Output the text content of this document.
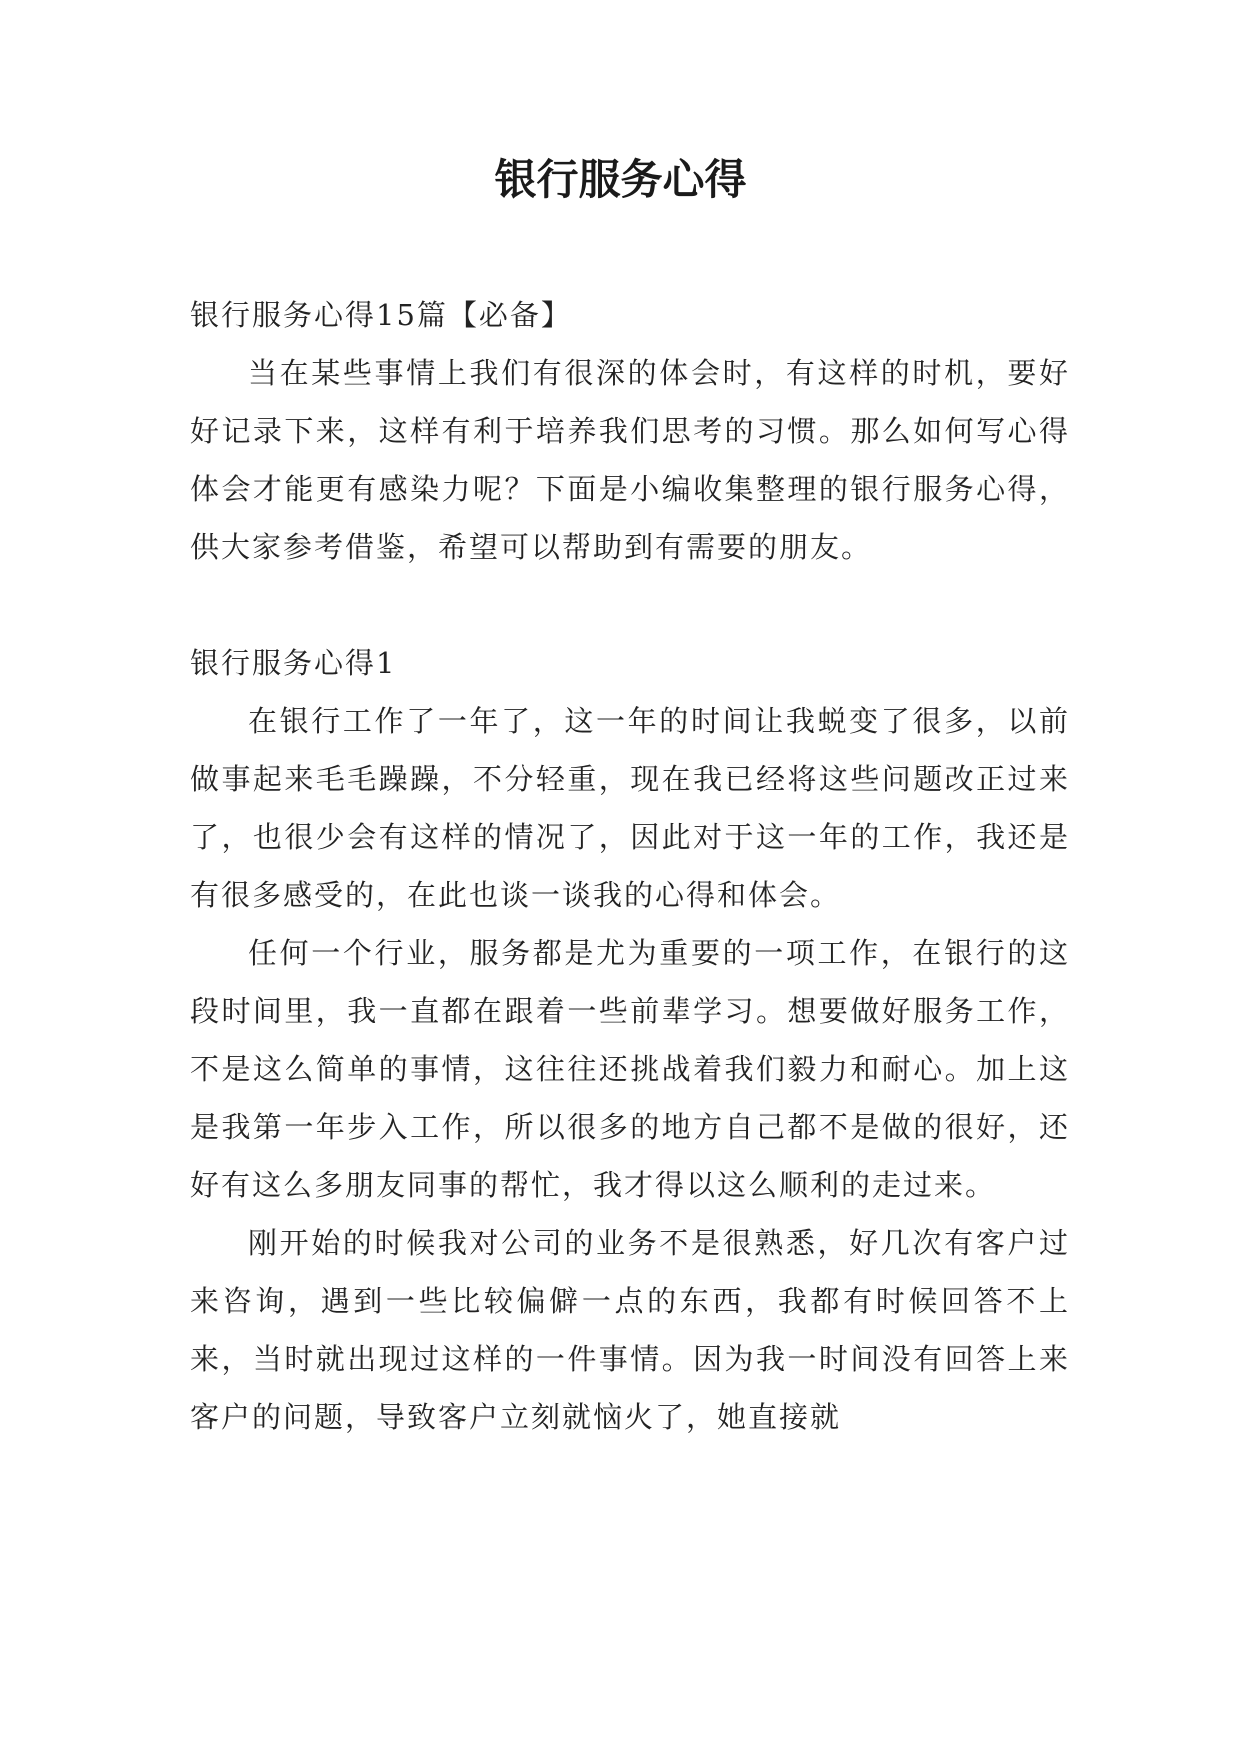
银行服务心得

银行服务心得15篇【必备】

当在某些事情上我们有很深的体会时，有这样的时机，要好好记录下来，这样有利于培养我们思考的习惯。那么如何写心得体会才能更有感染力呢？下面是小编收集整理的银行服务心得，供大家参考借鉴，希望可以帮助到有需要的朋友。

银行服务心得1

在银行工作了一年了，这一年的时间让我蜕变了很多，以前做事起来毛毛躁躁，不分轻重，现在我已经将这些问题改正过来了，也很少会有这样的情况了，因此对于这一年的工作，我还是有很多感受的，在此也谈一谈我的心得和体会。

任何一个行业，服务都是尤为重要的一项工作，在银行的这段时间里，我一直都在跟着一些前辈学习。想要做好服务工作，不是这么简单的事情，这往往还挑战着我们毅力和耐心。加上这是我第一年步入工作，所以很多的地方自己都不是做的很好，还好有这么多朋友同事的帮忙，我才得以这么顺利的走过来。

刚开始的时候我对公司的业务不是很熟悉，好几次有客户过来咨询，遇到一些比较偏僻一点的东西，我都有时候回答不上来，当时就出现过这样的一件事情。因为我一时间没有回答上来客户的问题，导致客户立刻就恼火了，她直接就
